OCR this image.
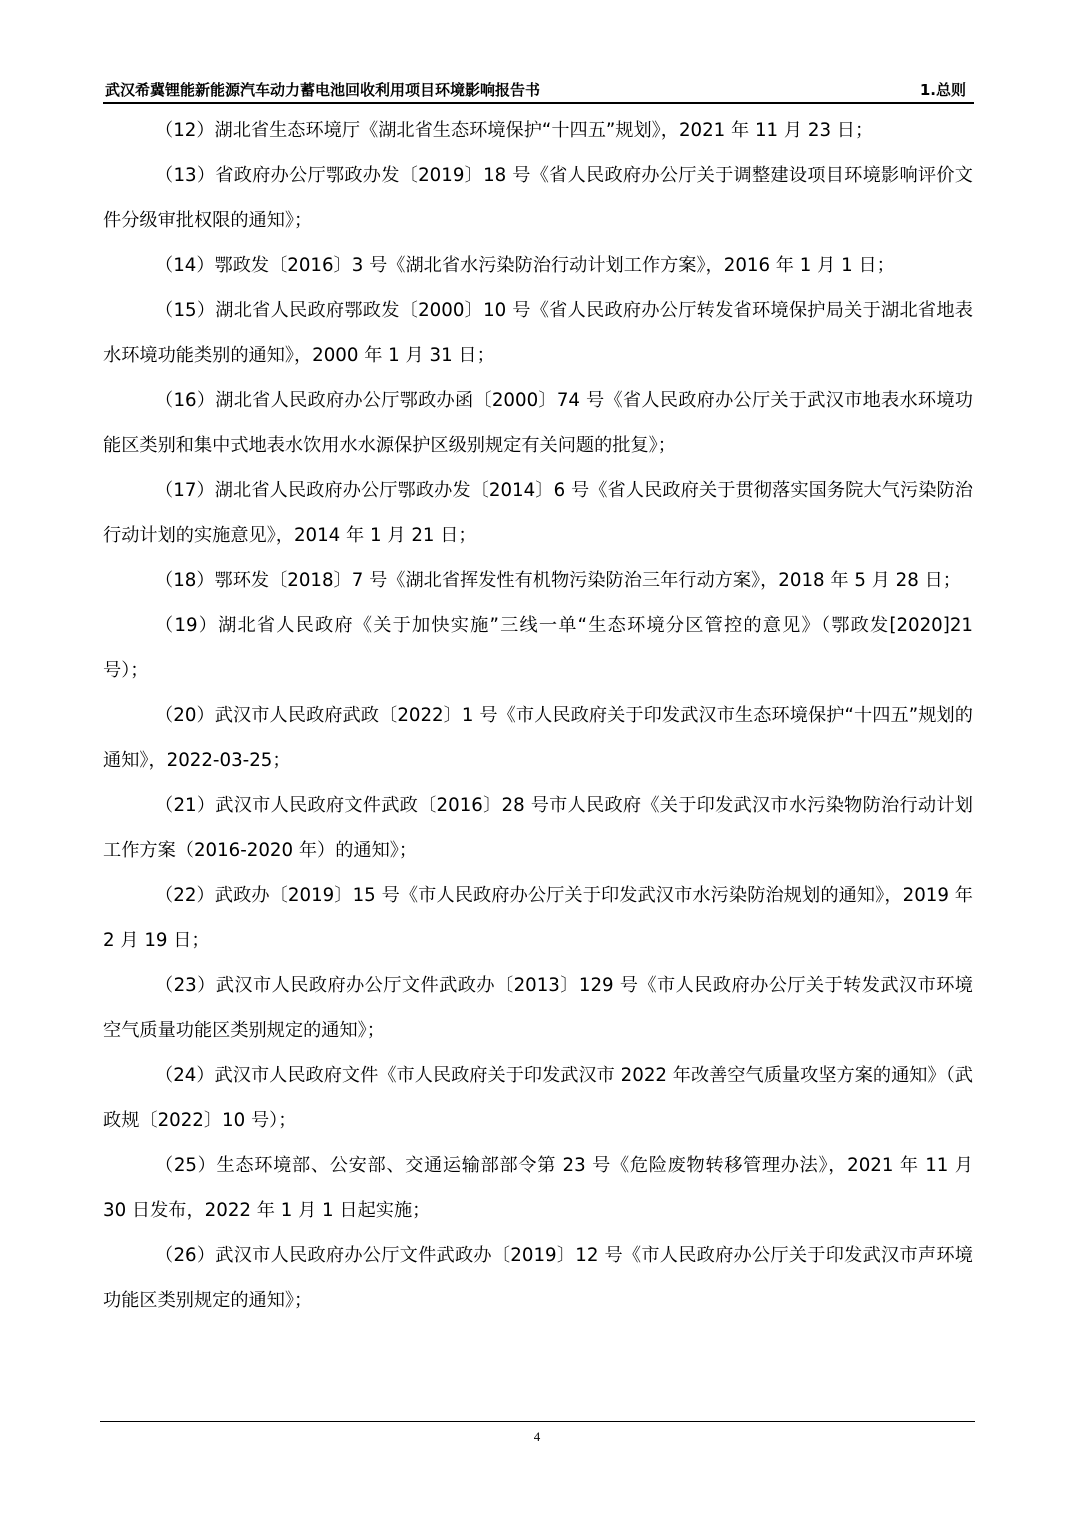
武汉希冀锂能新能源汽车动力蓄电池回收利用项目环境影响报告书	1.总则

（12）湖北省生态环境厅《湖北省生态环境保护“十四五”规划》，2021 年 11 月 23 日；

（13）省政府办公厅鄂政办发〔2019〕18 号《省人民政府办公厅关于调整建设项目环境影响评价文件分级审批权限的通知》；

（14）鄂政发〔2016〕3 号《湖北省水污染防治行动计划工作方案》，2016 年 1 月 1 日；

（15）湖北省人民政府鄂政发〔2000〕10 号《省人民政府办公厅转发省环境保护局关于湖北省地表水环境功能类别的通知》，2000 年 1 月 31 日；

（16）湖北省人民政府办公厅鄂政办函〔2000〕74 号《省人民政府办公厅关于武汉市地表水环境功能区类别和集中式地表水饮用水水源保护区级别规定有关问题的批复》；

（17）湖北省人民政府办公厅鄂政办发〔2014〕6 号《省人民政府关于贯彻落实国务院大气污染防治行动计划的实施意见》，2014 年 1 月 21 日；

（18）鄂环发〔2018〕7 号《湖北省挥发性有机物污染防治三年行动方案》，2018 年 5 月 28 日；

（19）湖北省人民政府《关于加快实施”三线一单“生态环境分区管控的意见》（鄂政发[2020]21 号）；

（20）武汉市人民政府武政〔2022〕1 号《市人民政府关于印发武汉市生态环境保护“十四五”规划的通知》，2022-03-25；

（21）武汉市人民政府文件武政〔2016〕28 号市人民政府《关于印发武汉市水污染物防治行动计划工作方案（2016-2020 年）的通知》；

（22）武政办〔2019〕15 号《市人民政府办公厅关于印发武汉市水污染防治规划的通知》，2019 年 2 月 19 日；

（23）武汉市人民政府办公厅文件武政办〔2013〕129 号《市人民政府办公厅关于转发武汉市环境空气质量功能区类别规定的通知》；

（24）武汉市人民政府文件《市人民政府关于印发武汉市 2022 年改善空气质量攻坚方案的通知》（武政规〔2022〕10 号）；

（25）生态环境部、公安部、交通运输部部令第 23 号《危险废物转移管理办法》，2021 年 11 月 30 日发布，2022 年 1 月 1 日起实施；

（26）武汉市人民政府办公厅文件武政办〔2019〕12 号《市人民政府办公厅关于印发武汉市声环境功能区类别规定的通知》；

4
